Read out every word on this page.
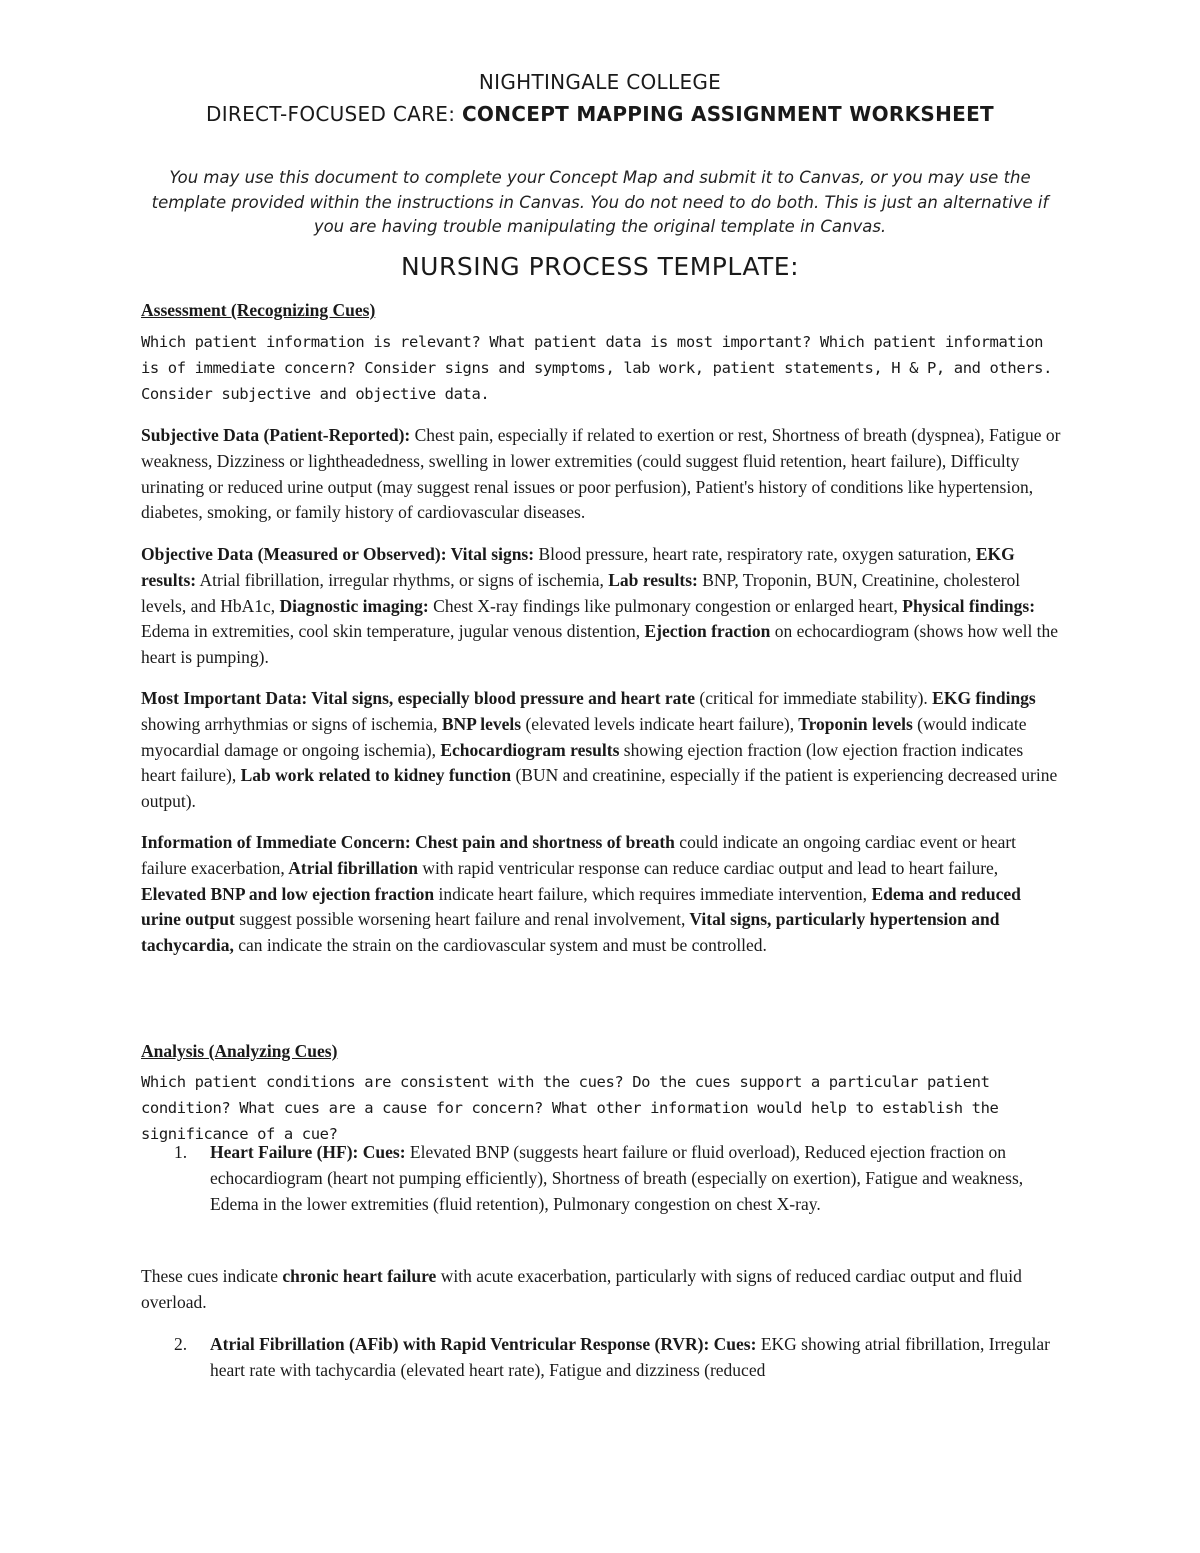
NIGHTINGALE COLLEGE
DIRECT-FOCUSED CARE: CONCEPT MAPPING ASSIGNMENT WORKSHEET
You may use this document to complete your Concept Map and submit it to Canvas, or you may use the template provided within the instructions in Canvas. You do not need to do both. This is just an alternative if you are having trouble manipulating the original template in Canvas.
NURSING PROCESS TEMPLATE:
Assessment (Recognizing Cues)
Which patient information is relevant? What patient data is most important? Which patient information is of immediate concern? Consider signs and symptoms, lab work, patient statements, H & P, and others. Consider subjective and objective data.
Subjective Data (Patient-Reported): Chest pain, especially if related to exertion or rest, Shortness of breath (dyspnea), Fatigue or weakness, Dizziness or lightheadedness, swelling in lower extremities (could suggest fluid retention, heart failure), Difficulty urinating or reduced urine output (may suggest renal issues or poor perfusion), Patient's history of conditions like hypertension, diabetes, smoking, or family history of cardiovascular diseases.
Objective Data (Measured or Observed): Vital signs: Blood pressure, heart rate, respiratory rate, oxygen saturation, EKG results: Atrial fibrillation, irregular rhythms, or signs of ischemia, Lab results: BNP, Troponin, BUN, Creatinine, cholesterol levels, and HbA1c, Diagnostic imaging: Chest X-ray findings like pulmonary congestion or enlarged heart, Physical findings: Edema in extremities, cool skin temperature, jugular venous distention, Ejection fraction on echocardiogram (shows how well the heart is pumping).
Most Important Data: Vital signs, especially blood pressure and heart rate (critical for immediate stability). EKG findings showing arrhythmias or signs of ischemia, BNP levels (elevated levels indicate heart failure), Troponin levels (would indicate myocardial damage or ongoing ischemia), Echocardiogram results showing ejection fraction (low ejection fraction indicates heart failure), Lab work related to kidney function (BUN and creatinine, especially if the patient is experiencing decreased urine output).
Information of Immediate Concern: Chest pain and shortness of breath could indicate an ongoing cardiac event or heart failure exacerbation, Atrial fibrillation with rapid ventricular response can reduce cardiac output and lead to heart failure, Elevated BNP and low ejection fraction indicate heart failure, which requires immediate intervention, Edema and reduced urine output suggest possible worsening heart failure and renal involvement, Vital signs, particularly hypertension and tachycardia, can indicate the strain on the cardiovascular system and must be controlled.
Analysis (Analyzing Cues)
Which patient conditions are consistent with the cues? Do the cues support a particular patient condition? What cues are a cause for concern? What other information would help to establish the significance of a cue?
1. Heart Failure (HF): Cues: Elevated BNP (suggests heart failure or fluid overload), Reduced ejection fraction on echocardiogram (heart not pumping efficiently), Shortness of breath (especially on exertion), Fatigue and weakness, Edema in the lower extremities (fluid retention), Pulmonary congestion on chest X-ray.
These cues indicate chronic heart failure with acute exacerbation, particularly with signs of reduced cardiac output and fluid overload.
2. Atrial Fibrillation (AFib) with Rapid Ventricular Response (RVR): Cues: EKG showing atrial fibrillation, Irregular heart rate with tachycardia (elevated heart rate), Fatigue and dizziness (reduced
